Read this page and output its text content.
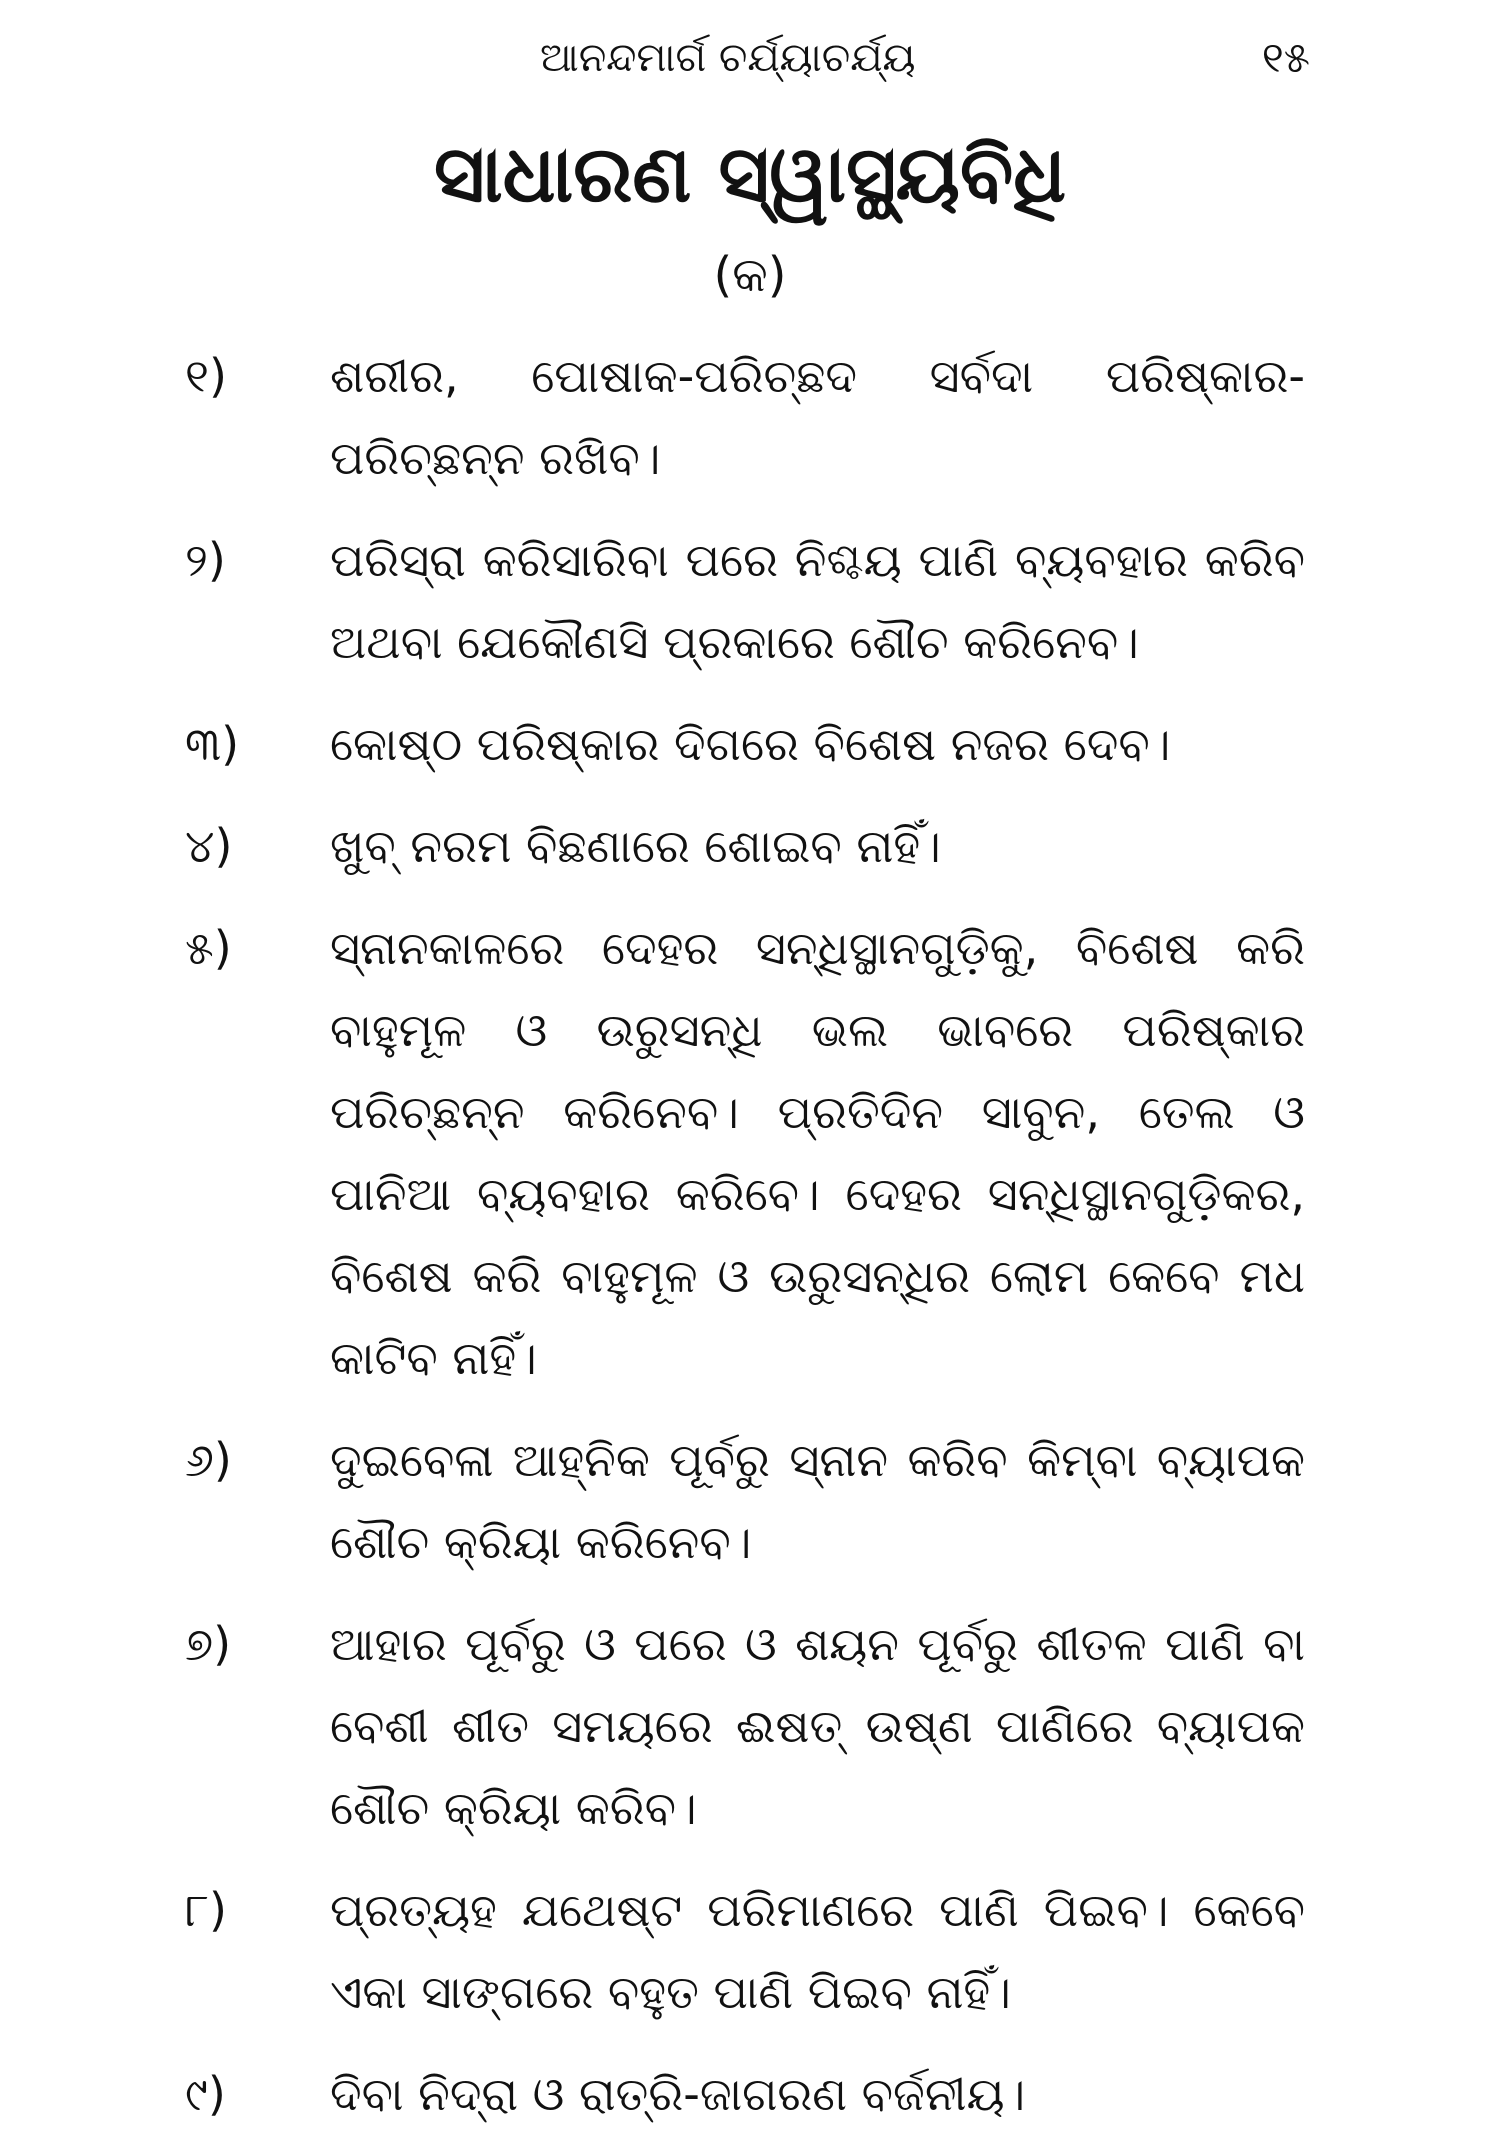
ଆନନ୍ଦମାର୍ଗ ଚର୍ଯ୍ୟାଚର୍ଯ୍ୟ	୧୫
ସାଧାରଣ ସ୍ୱାସ୍ଥ୍ୟବିଧି
(କ)
୧)	ଶରୀର, ପୋଷାକ-ପରିଚ୍ଛଦ ସର୍ବଦା ପରିଷ୍କାର-ପରିଚ୍ଛନ୍ନ ରଖିବ।
୨)	ପରିସ୍ରା କରିସାରିବା ପରେ ନିଶ୍ଚୟ ପାଣି ବ୍ୟବହାର କରିବ ଅଥବା ଯେକୌଣସି ପ୍ରକାରେ ଶୌଚ କରିନେବ।
୩)	କୋଷ୍ଠ ପରିଷ୍କାର ଦିଗରେ ବିଶେଷ ନଜର ଦେବ।
୪)	ଖୁବ୍ ନରମ ବିଛଣାରେ ଶୋଇବ ନାହିଁ।
୫)	ସ୍ନାନକାଳରେ ଦେହର ସନ୍ଧିସ୍ଥାନଗୁଡ଼ିକୁ, ବିଶେଷ କରି ବାହୁମୂଳ ଓ ଉରୁସନ୍ଧି ଭଲ ଭାବରେ ପରିଷ୍କାର ପରିଚ୍ଛନ୍ନ କରିନେବ। ପ୍ରତିଦିନ ସାବୁନ, ତେଲ ଓ ପାନିଆ ବ୍ୟବହାର କରିବେ। ଦେହର ସନ୍ଧିସ୍ଥାନଗୁଡ଼ିକର, ବିଶେଷ କରି ବାହୁମୂଳ ଓ ଉରୁସନ୍ଧିର ଲୋମ କେବେ ମଧ କାଟିବ ନାହିଁ।
୬)	ଦୁଇବେଳା ଆହ୍ନିକ ପୂର୍ବରୁ ସ୍ନାନ କରିବ କିମ୍ବା ବ୍ୟାପକ ଶୌଚ କ୍ରିୟା କରିନେବ।
୭)	ଆହାର ପୂର୍ବରୁ ଓ ପରେ ଓ ଶୟନ ପୂର୍ବରୁ ଶୀତଳ ପାଣି ବା ବେଶୀ ଶୀତ ସମୟରେ ଈଷତ୍ ଉଷ୍ଣ ପାଣିରେ ବ୍ୟାପକ ଶୌଚ କ୍ରିୟା କରିବ।
୮)	ପ୍ରତ୍ୟହ ଯଥେଷ୍ଟ ପରିମାଣରେ ପାଣି ପିଇବ। କେବେ ଏକା ସାଙ୍ଗରେ ବହୁତ ପାଣି ପିଇବ ନାହିଁ।
୯)	ଦିବା ନିଦ୍ରା ଓ ରାତ୍ରି-ଜାଗରଣ ବର୍ଜନୀୟ।
